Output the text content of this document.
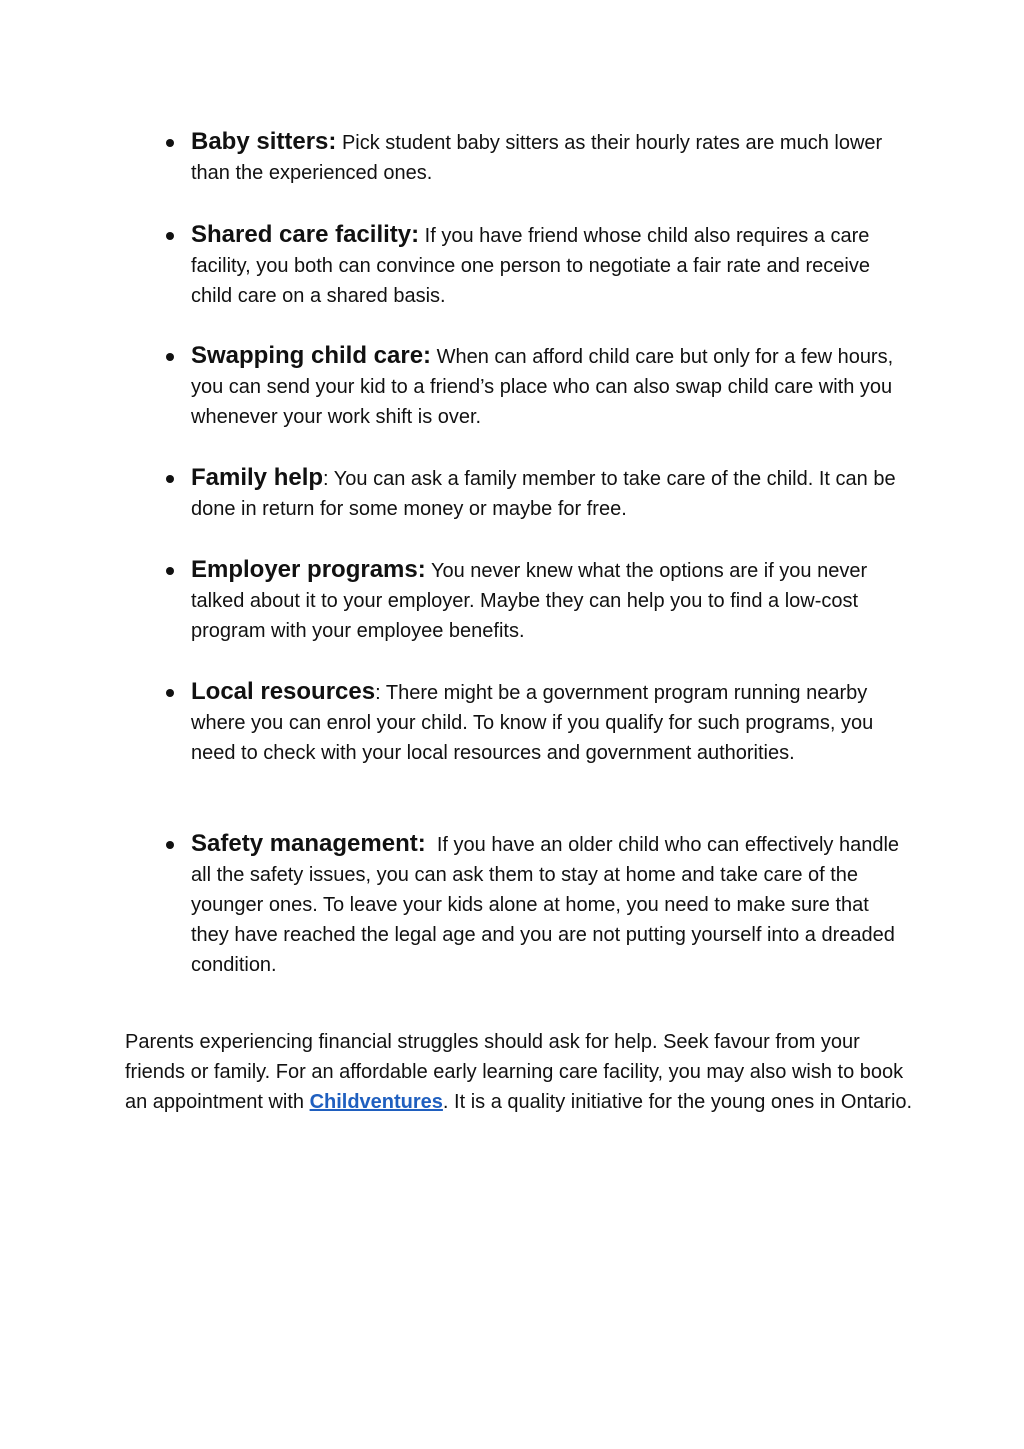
Baby sitters: Pick student baby sitters as their hourly rates are much lower than the experienced ones.
Shared care facility: If you have friend whose child also requires a care facility, you both can convince one person to negotiate a fair rate and receive child care on a shared basis.
Swapping child care: When can afford child care but only for a few hours, you can send your kid to a friend’s place who can also swap child care with you whenever your work shift is over.
Family help: You can ask a family member to take care of the child. It can be done in return for some money or maybe for free.
Employer programs: You never knew what the options are if you never talked about it to your employer. Maybe they can help you to find a low-cost program with your employee benefits.
Local resources: There might be a government program running nearby where you can enrol your child. To know if you qualify for such programs, you need to check with your local resources and government authorities.
Safety management: If you have an older child who can effectively handle all the safety issues, you can ask them to stay at home and take care of the younger ones. To leave your kids alone at home, you need to make sure that they have reached the legal age and you are not putting yourself into a dreaded condition.

Parents experiencing financial struggles should ask for help. Seek favour from your friends or family. For an affordable early learning care facility, you may also wish to book an appointment with Childventures. It is a quality initiative for the young ones in Ontario.
